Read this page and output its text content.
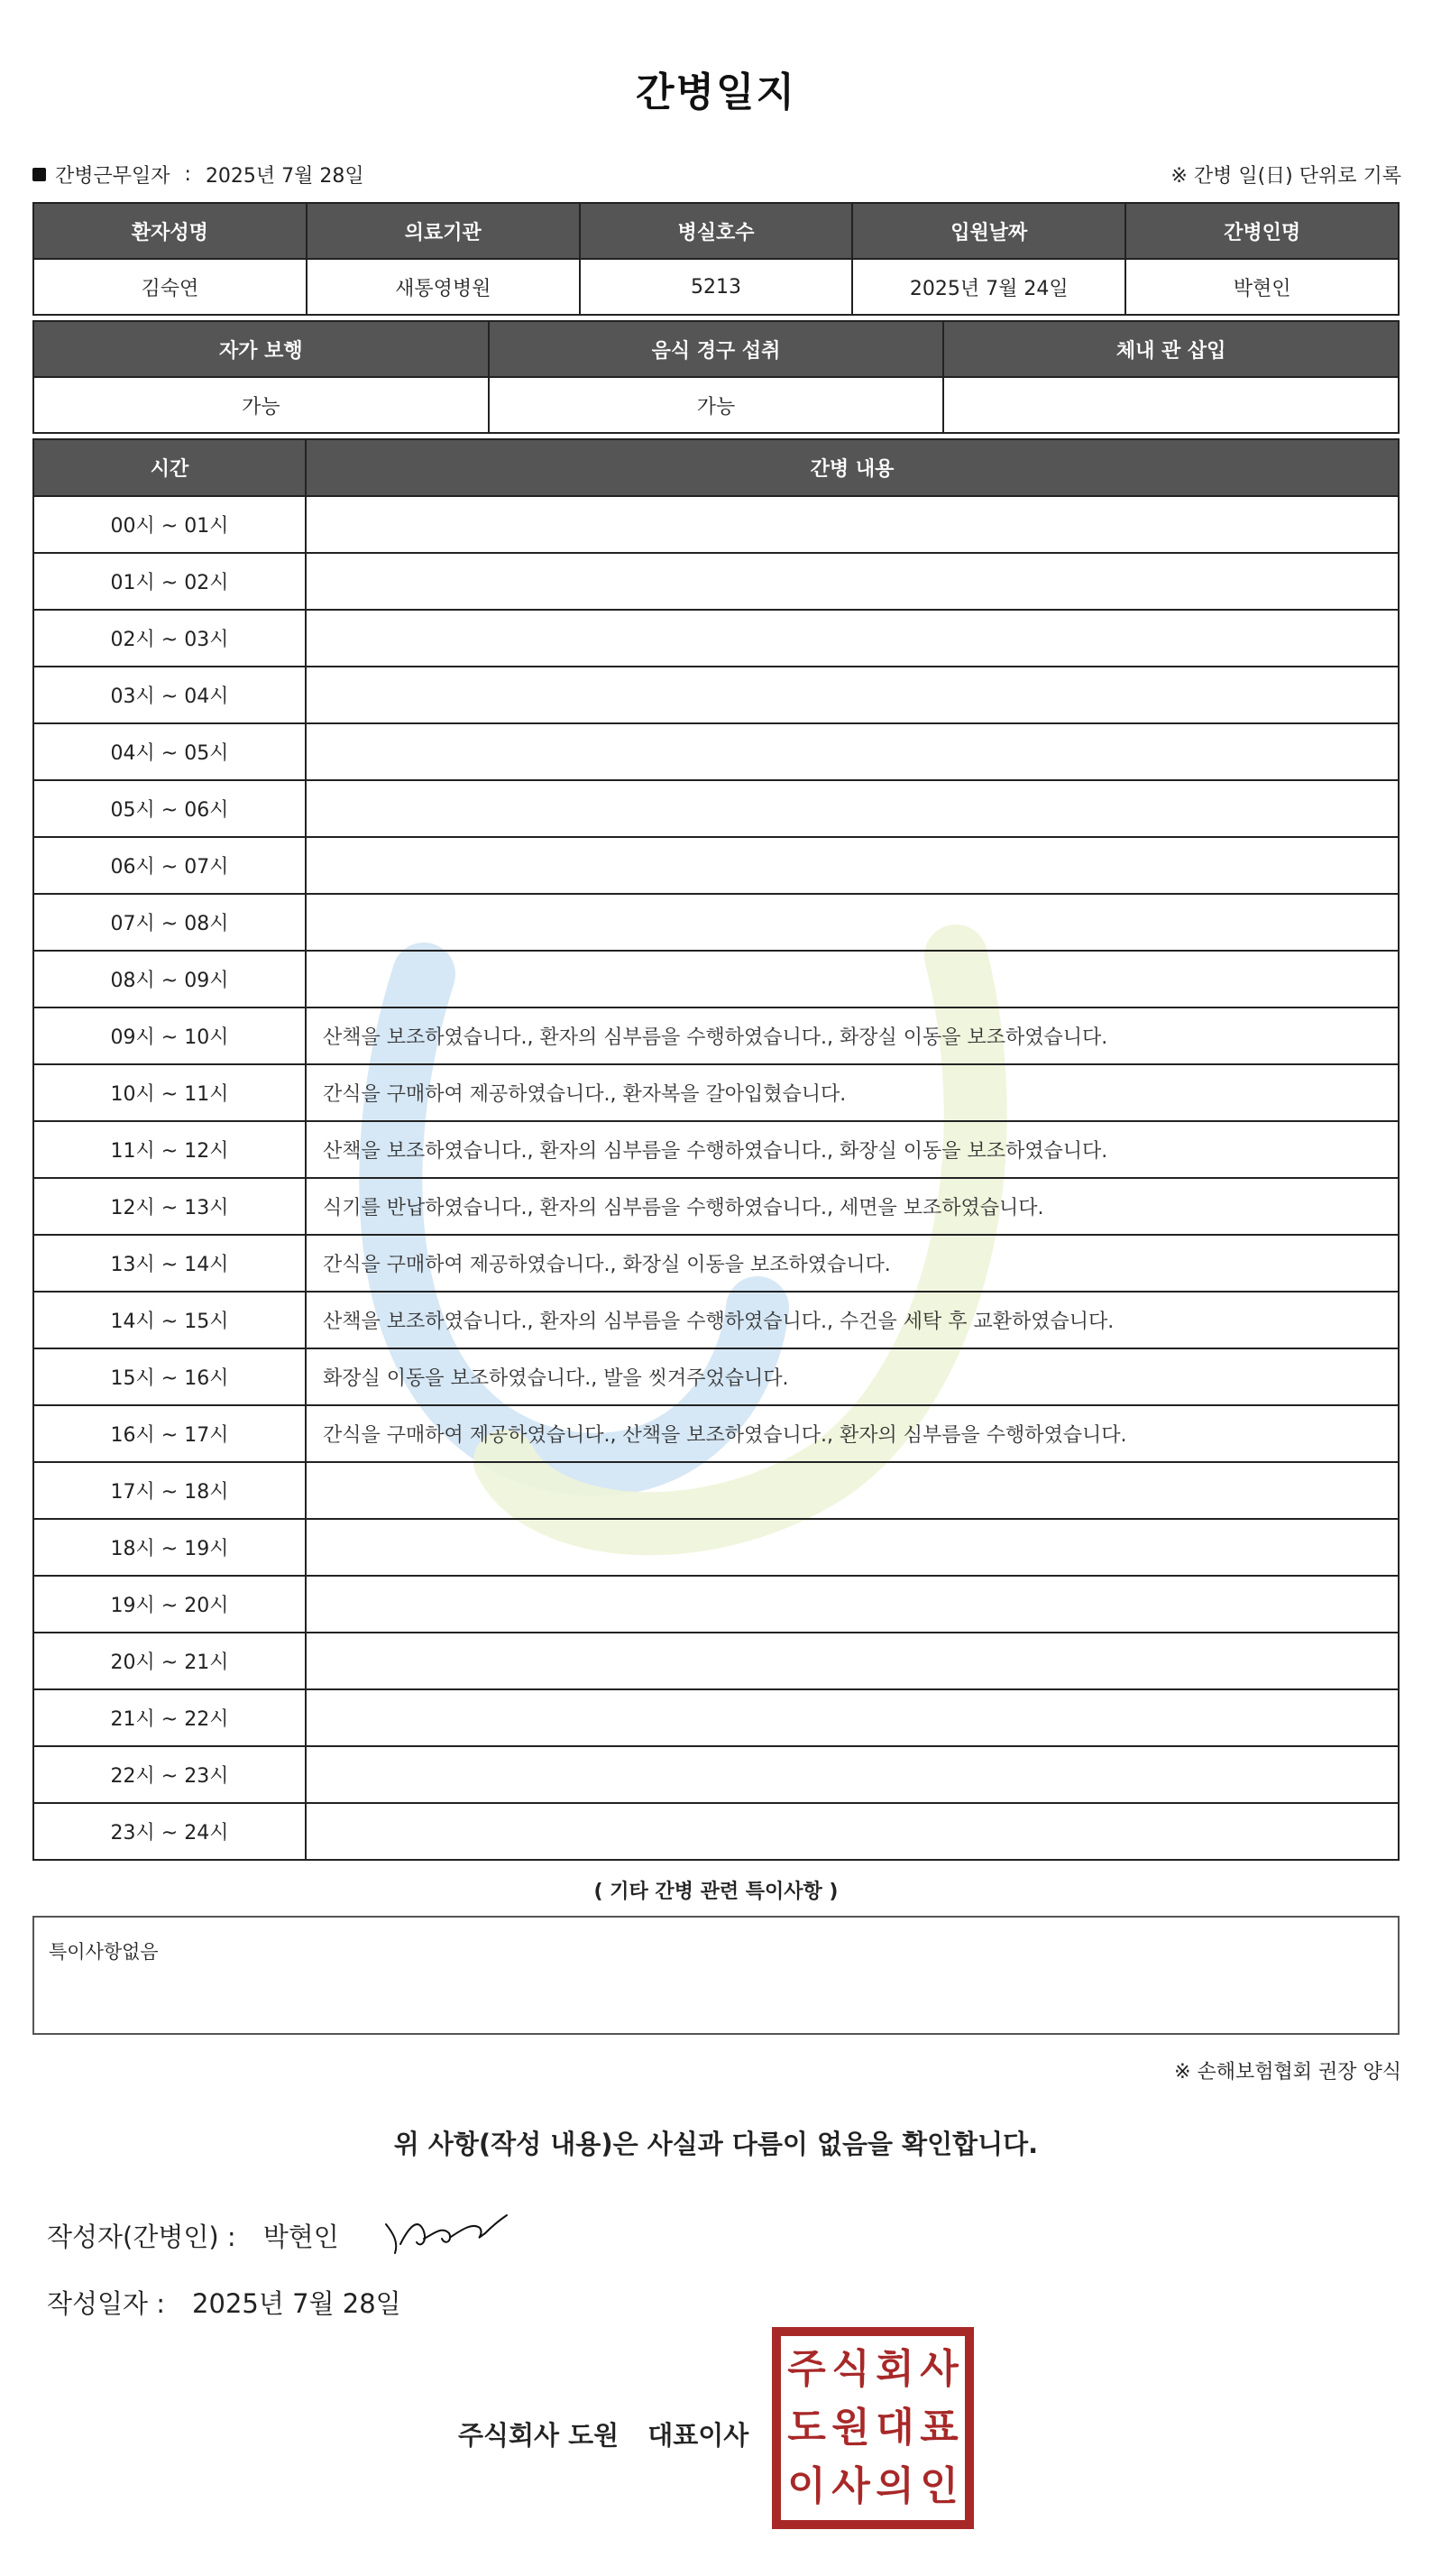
간병일지
간병근무일자 : 2025년 7월 28일	※ 간병 일(日) 단위로 기록
환자성명	의료기관	병실호수	입원날짜	간병인명
김숙연	새통영병원	5213	2025년 7월 24일	박현인
자가 보행	음식 경구 섭취	체내 관 삽입
가능	가능
시간	간병 내용
00시 ~ 01시
01시 ~ 02시
02시 ~ 03시
03시 ~ 04시
04시 ~ 05시
05시 ~ 06시
06시 ~ 07시
07시 ~ 08시
08시 ~ 09시
09시 ~ 10시	산책을 보조하였습니다., 환자의 심부름을 수행하였습니다., 화장실 이동을 보조하였습니다.
10시 ~ 11시	간식을 구매하여 제공하였습니다., 환자복을 갈아입혔습니다.
11시 ~ 12시	산책을 보조하였습니다., 환자의 심부름을 수행하였습니다., 화장실 이동을 보조하였습니다.
12시 ~ 13시	식기를 반납하였습니다., 환자의 심부름을 수행하였습니다., 세면을 보조하였습니다.
13시 ~ 14시	간식을 구매하여 제공하였습니다., 화장실 이동을 보조하였습니다.
14시 ~ 15시	산책을 보조하였습니다., 환자의 심부름을 수행하였습니다., 수건을 세탁 후 교환하였습니다.
15시 ~ 16시	화장실 이동을 보조하였습니다., 발을 씻겨주었습니다.
16시 ~ 17시	간식을 구매하여 제공하였습니다., 산책을 보조하였습니다., 환자의 심부름을 수행하였습니다.
17시 ~ 18시
18시 ~ 19시
19시 ~ 20시
20시 ~ 21시
21시 ~ 22시
22시 ~ 23시
23시 ~ 24시
( 기타 간병 관련 특이사항 )
특이사항없음
※ 손해보험협회 권장 양식
위 사항(작성 내용)은 사실과 다름이 없음을 확인합니다.
작성자(간병인) : 박현인
작성일자 : 2025년 7월 28일
주식회사 도원 대표이사
주 식 회 사
도 원 대 표
이 사 의 인
